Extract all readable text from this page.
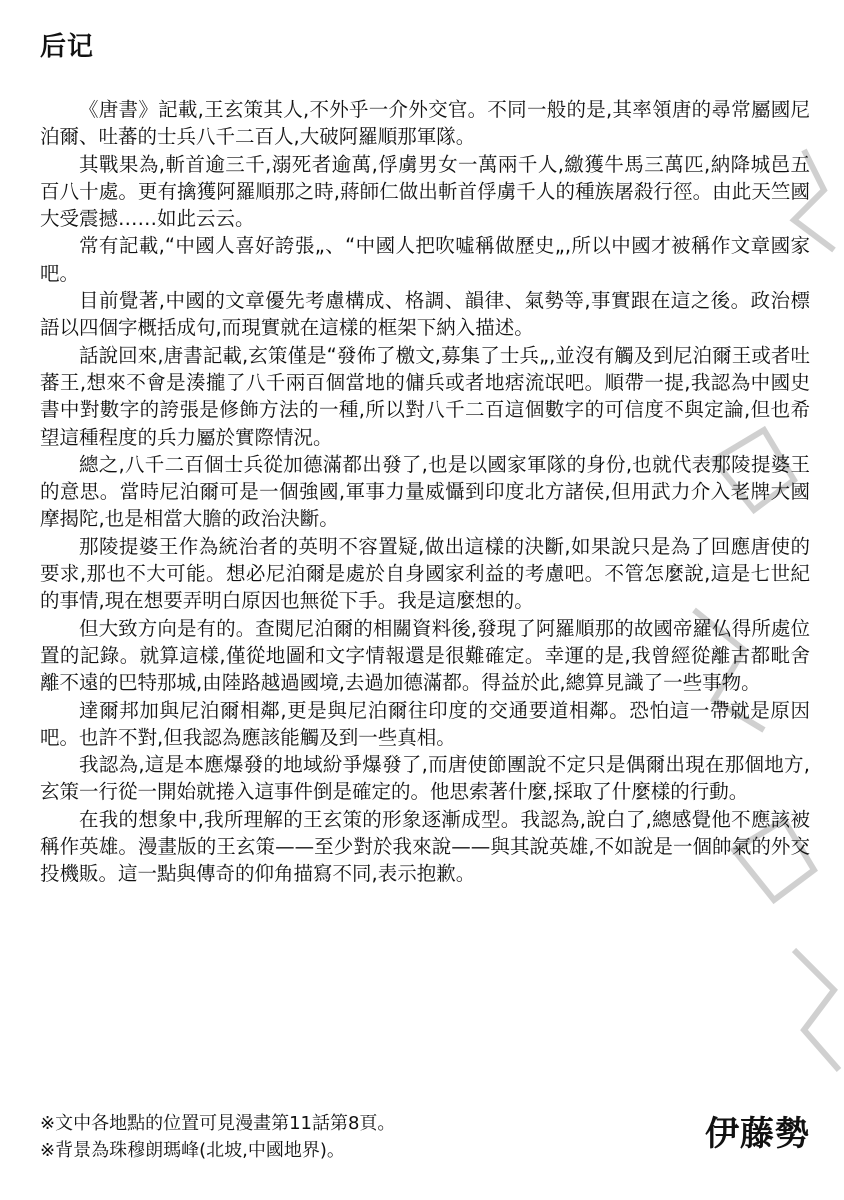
后记

《唐書》記載,王玄策其人,不外乎一介外交官。不同一般的是,其率領唐的尋常屬國尼泊爾、吐蕃的士兵八千二百人,大破阿羅順那軍隊。

其戰果為,斬首逾三千,溺死者逾萬,俘虜男女一萬兩千人,繳獲牛馬三萬匹,納降城邑五百八十處。更有擒獲阿羅順那之時,蔣師仁做出斬首俘虜千人的種族屠殺行徑。由此天竺國大受震撼……如此云云。

常有記載,“中國人喜好誇張„、“中國人把吹噓稱做歷史„,所以中國才被稱作文章國家吧。

目前覺著,中國的文章優先考慮構成、格調、韻律、氣勢等,事實跟在這之後。政治標語以四個字概括成句,而現實就在這樣的框架下納入描述。

話說回來,唐書記載,玄策僅是“發佈了檄文,募集了士兵„,並沒有觸及到尼泊爾王或者吐蕃王,想來不會是湊攏了八千兩百個當地的傭兵或者地痞流氓吧。順帶一提,我認為中國史書中對數字的誇張是修飾方法的一種,所以對八千二百這個數字的可信度不與定論,但也希望這種程度的兵力屬於實際情況。

總之,八千二百個士兵從加德滿都出發了,也是以國家軍隊的身份,也就代表那陵提婆王的意思。當時尼泊爾可是一個強國,軍事力量威懾到印度北方諸侯,但用武力介入老牌大國摩揭陀,也是相當大膽的政治決斷。

那陵提婆王作為統治者的英明不容置疑,做出這樣的決斷,如果說只是為了回應唐使的要求,那也不大可能。想必尼泊爾是處於自身國家利益的考慮吧。不管怎麼說,這是七世紀的事情,現在想要弄明白原因也無從下手。我是這麼想的。

但大致方向是有的。查閱尼泊爾的相關資料後,發現了阿羅順那的故國帝羅仏得所處位置的記錄。就算這樣,僅從地圖和文字情報還是很難確定。幸運的是,我曾經從離古都毗舍離不遠的巴特那城,由陸路越過國境,去過加德滿都。得益於此,總算見識了一些事物。

達爾邦加與尼泊爾相鄰,更是與尼泊爾往印度的交通要道相鄰。恐怕這一帶就是原因吧。也許不對,但我認為應該能觸及到一些真相。

我認為,這是本應爆發的地域紛爭爆發了,而唐使節團說不定只是偶爾出現在那個地方,玄策一行從一開始就捲入這事件倒是確定的。他思索著什麼,採取了什麼樣的行動。

在我的想象中,我所理解的王玄策的形象逐漸成型。我認為,說白了,總感覺他不應該被稱作英雄。漫畫版的王玄策——至少對於我來說——與其說英雄,不如說是一個帥氣的外交投機販。這一點與傳奇的仰角描寫不同,表示抱歉。

※文中各地點的位置可見漫畫第11話第8頁。
※背景為珠穆朗瑪峰(北坡,中國地界)。	伊藤勢
